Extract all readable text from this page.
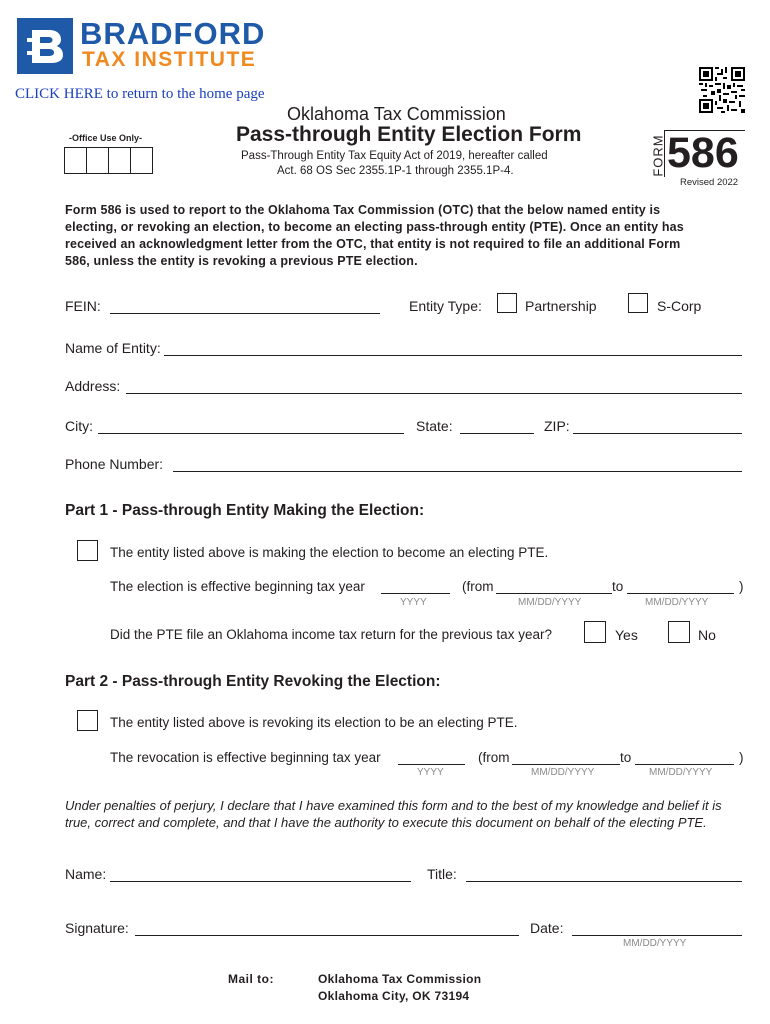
BRADFORD
TAX INSTITUTE
CLICK HERE to return to the home page
Oklahoma Tax Commission
Pass-through Entity Election Form
Pass-Through Entity Tax Equity Act of 2019, hereafter called
Act. 68 OS Sec 2355.1P-1 through 2355.1P-4.
-Office Use Only-	FORM 586
Revised 2022
Form 586 is used to report to the Oklahoma Tax Commission (OTC) that the below named entity is
electing, or revoking an election, to become an electing pass-through entity (PTE). Once an entity has
received an acknowledgment letter from the OTC, that entity is not required to file an additional Form
586, unless the entity is revoking a previous PTE election.
FEIN:	Entity Type:	Partnership	S-Corp
Name of Entity:
Address:
City:	State:	ZIP:
Phone Number:
Part 1 - Pass-through Entity Making the Election:
The entity listed above is making the election to become an electing PTE.
The election is effective beginning tax year	(from	to	)
YYYY	MM/DD/YYYY	MM/DD/YYYY
Did the PTE file an Oklahoma income tax return for the previous tax year?	Yes	No
Part 2 - Pass-through Entity Revoking the Election:
The entity listed above is revoking its election to be an electing PTE.
The revocation is effective beginning tax year	(from	to	)
YYYY	MM/DD/YYYY	MM/DD/YYYY
Under penalties of perjury, I declare that I have examined this form and to the best of my knowledge and belief it is
true, correct and complete, and that I have the authority to execute this document on behalf of the electing PTE.
Name:	Title:
Signature:	Date:
MM/DD/YYYY
Mail to:	Oklahoma Tax Commission
Oklahoma City, OK 73194
